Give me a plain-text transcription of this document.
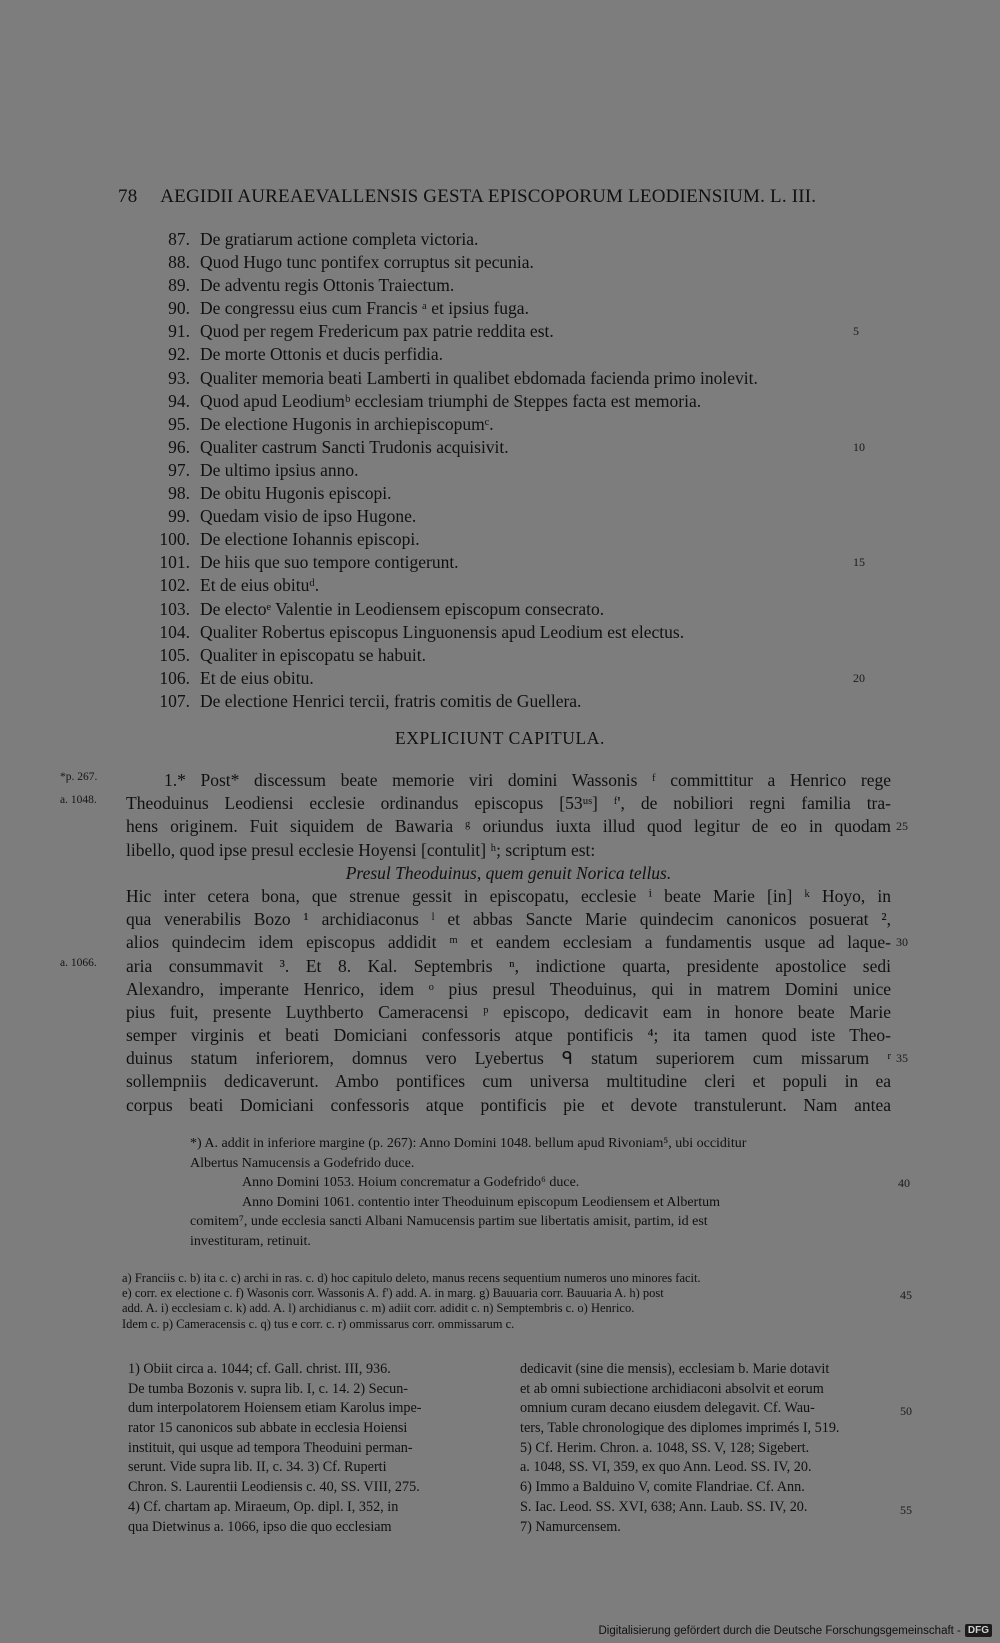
78 AEGIDII AUREAEVALLENSIS GESTA EPISCOPORUM LEODIENSIUM. L. III.
87. De gratiarum actione completa victoria.
88. Quod Hugo tunc pontifex corruptus sit pecunia.
89. De adventu regis Ottonis Traiectum.
90. De congressu eius cum Francis ᵃ et ipsius fuga.
91. Quod per regem Fredericum pax patrie reddita est.	5
92. De morte Ottonis et ducis perfidia.
93. Qualiter memoria beati Lamberti in qualibet ebdomada facienda primo inolevit.
94. Quod apud Leodiumᵇ ecclesiam triumphi de Steppes facta est memoria.
95. De electione Hugonis in archiepiscopumᶜ.
96. Qualiter castrum Sancti Trudonis acquisivit.	10
97. De ultimo ipsius anno.
98. De obitu Hugonis episcopi.
99. Quedam visio de ipso Hugone.
100. De electione Iohannis episcopi.
101. De hiis que suo tempore contigerunt.	15
102. Et de eius obituᵈ.
103. De electoᵉ Valentie in Leodiensem episcopum consecrato.
104. Qualiter Robertus episcopus Linguonensis apud Leodium est electus.
105. Qualiter in episcopatu se habuit.
106. Et de eius obitu.	20
107. De electione Henrici tercii, fratris comitis de Guellera.
EXPLICIUNT CAPITULA.
1.* Post* discessum beate memorie viri domini Wassonis ᶠ committitur a Henrico rege
*p. 267.
Theoduinus Leodiensi ecclesie ordinandus episcopus [53ᵘˢ] ᶠ', de nobiliori regni familia tra-
a. 1048.
hens originem. Fuit siquidem de Bawaria ᵍ oriundus iuxta illud quod legitur de eo in quodam 25
libello, quod ipse presul ecclesie Hoyensi [contulit] ʰ; scriptum est:
Presul Theoduinus, quem genuit Norica tellus.
Hic inter cetera bona, que strenue gessit in episcopatu, ecclesie ⁱ beate Marie [in] ᵏ Hoyo, in
qua venerabilis Bozo ¹ archidiaconus ˡ et abbas Sancte Marie quindecim canonicos posuerat ²,
alios quindecim idem episcopus addidit ᵐ et eandem ecclesiam a fundamentis usque ad laque- 30
aria consummavit ³. Et 8. Kal. Septembris ⁿ, indictione quarta, presidente apostolice sedi
a. 1066.
Alexandro, imperante Henrico, idem ᵒ pius presul Theoduinus, qui in matrem Domini unice
pius fuit, presente Luythberto Cameracensi ᵖ episcopo, dedicavit eam in honore beate Marie
semper virginis et beati Domiciani confessoris atque pontificis ⁴; ita tamen quod iste Theo-
duinus statum inferiorem, domnus vero Lyebertus ᑫ statum superiorem cum missarum ʳ 35
sollempniis dedicaverunt. Ambo pontifices cum universa multitudine cleri et populi in ea
corpus beati Domiciani confessoris atque pontificis pie et devote transtulerunt. Nam antea
*) A. addit in inferiore margine (p. 267): Anno Domini 1048. bellum apud Rivoniam⁵, ubi occiditur
Albertus Namucensis a Godefrido duce.
Anno Domini 1053. Hoium concrematur a Godefrido⁶ duce.	40
Anno Domini 1061. contentio inter Theoduinum episcopum Leodiensem et Albertum
comitem⁷, unde ecclesia sancti Albani Namucensis partim sue libertatis amisit, partim, id est
investituram, retinuit.
a) Franciis c. b) ita c. c) archi in ras. c. d) hoc capitulo deleto, manus recens sequentium numeros uno minores facit.
e) corr. ex electione c. f) Wasonis corr. Wassonis A. f') add. A. in marg. g) Bauuaria corr. Bauuaria A. h) post	45
add. A. i) ecclesiam c. k) add. A. l) archidianus c. m) adiit corr. adidit c. n) Semptembris c. o) Henrico.
Idem c. p) Cameracensis c. q) tus e corr. c. r) ommissarus corr. ommissarum c.
1) Obiit circa a. 1044; cf. Gall. christ. III, 936.
De tumba Bozonis v. supra lib. I, c. 14. 2) Secun-
dum interpolatorem Hoiensem etiam Karolus impe-
rator 15 canonicos sub abbate in ecclesia Hoiensi
instituit, qui usque ad tempora Theoduini perman-
serunt. Vide supra lib. II, c. 34. 3) Cf. Ruperti
Chron. S. Laurentii Leodiensis c. 40, SS. VIII, 275.
4) Cf. chartam ap. Miraeum, Op. dipl. I, 352, in
qua Dietwinus a. 1066, ipso die quo ecclesiam
dedicavit (sine die mensis), ecclesiam b. Marie dotavit
et ab omni subiectione archidiaconi absolvit et eorum
omnium curam decano eiusdem delegavit. Cf. Wau-	50
ters, Table chronologique des diplomes imprimés I, 519.
5) Cf. Herim. Chron. a. 1048, SS. V, 128; Sigebert.
a. 1048, SS. VI, 359, ex quo Ann. Leod. SS. IV, 20.
6) Immo a Balduino V, comite Flandriae. Cf. Ann.
S. Iac. Leod. SS. XVI, 638; Ann. Laub. SS. IV, 20.	55
7) Namurcensem.
Digitalisierung gefördert durch die Deutsche Forschungsgemeinschaft - DFG
